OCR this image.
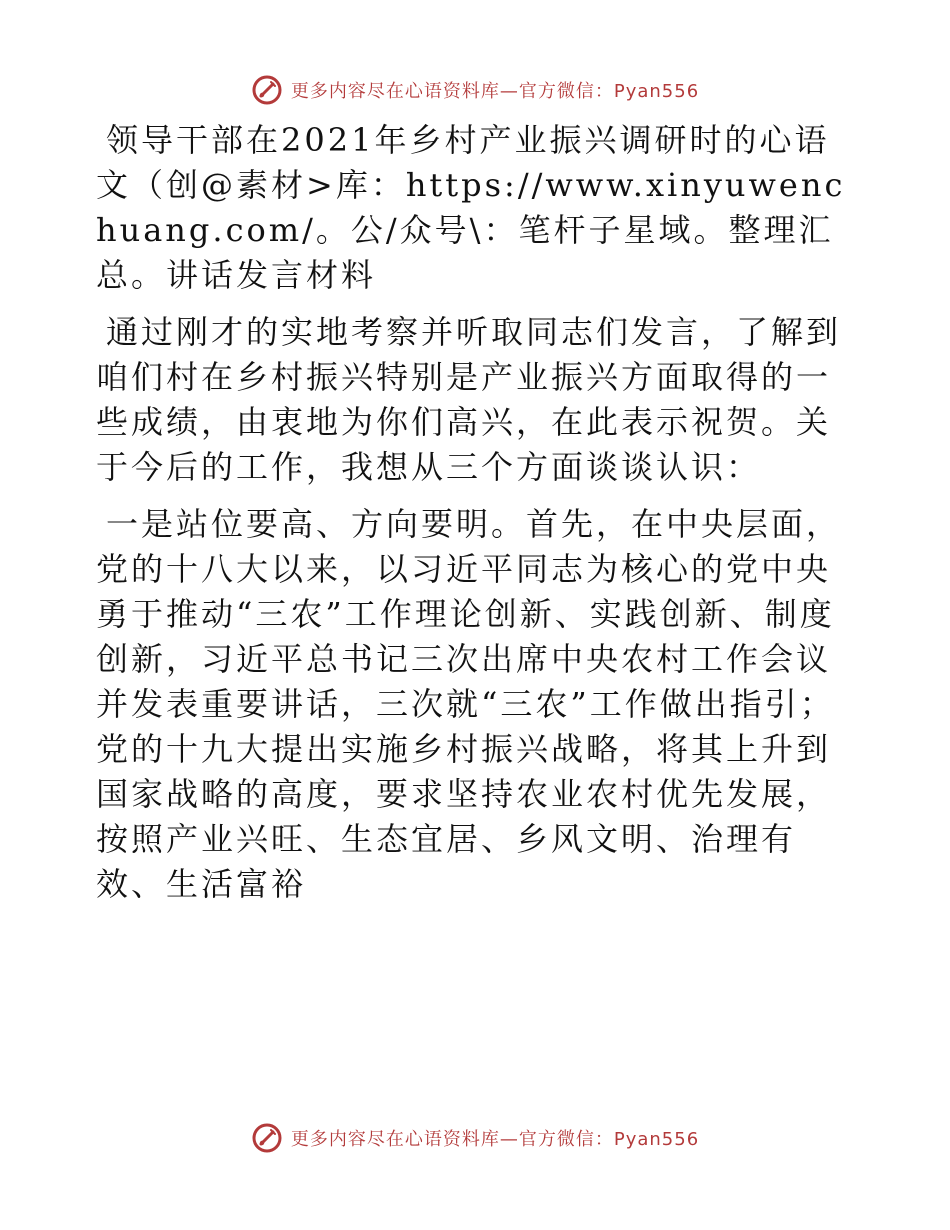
更多内容尽在心语资料库—官方微信：Pyan556

领导干部在2021年乡村产业振兴调研时的心语文（创@素材>库：https://www.xinyuwenchuang.com/。公/众号\：笔杆子星域。整理汇总。讲话发言材料

通过刚才的实地考察并听取同志们发言，了解到咱们村在乡村振兴特别是产业振兴方面取得的一些成绩，由衷地为你们高兴，在此表示祝贺。关于今后的工作，我想从三个方面谈谈认识：

一是站位要高、方向要明。首先，在中央层面，党的十八大以来，以习近平同志为核心的党中央勇于推动“三农”工作理论创新、实践创新、制度创新，习近平总书记三次出席中央农村工作会议并发表重要讲话，三次就“三农”工作做出指引；党的十九大提出实施乡村振兴战略，将其上升到国家战略的高度，要求坚持农业农村优先发展，按照产业兴旺、生态宜居、乡风文明、治理有效、生活富裕

更多内容尽在心语资料库—官方微信：Pyan556
